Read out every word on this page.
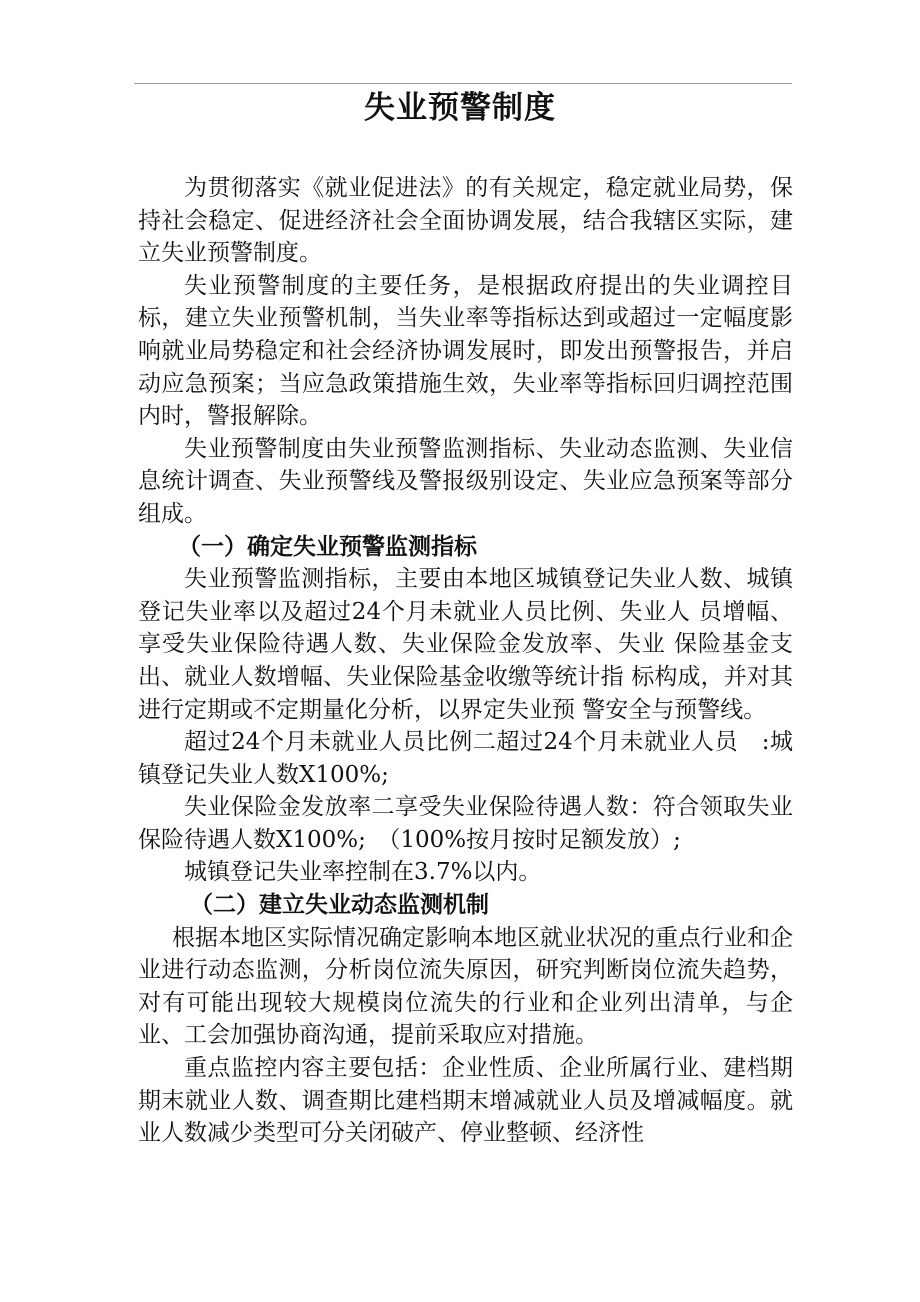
失业预警制度

为贯彻落实《就业促进法》的有关规定，稳定就业局势，保持社会稳定、促进经济社会全面协调发展，结合我辖区实际，建立失业预警制度。

失业预警制度的主要任务，是根据政府提出的失业调控目标，建立失业预警机制，当失业率等指标达到或超过一定幅度影响就业局势稳定和社会经济协调发展时，即发出预警报告，并启动应急预案；当应急政策措施生效，失业率等指标回归调控范围内时，警报解除。

失业预警制度由失业预警监测指标、失业动态监测、失业信息统计调查、失业预警线及警报级别设定、失业应急预案等部分组成。

（一）确定失业预警监测指标

失业预警监测指标，主要由本地区城镇登记失业人数、城镇登记失业率以及超过24个月未就业人员比例、失业人 员增幅、享受失业保险待遇人数、失业保险金发放率、失业 保险基金支出、就业人数增幅、失业保险基金收缴等统计指 标构成，并对其进行定期或不定期量化分析，以界定失业预 警安全与预警线。

超过24个月未就业人员比例二超过24个月未就业人员　:城镇登记失业人数X100%;

失业保险金发放率二享受失业保险待遇人数：符合领取失业保险待遇人数X100%;　（100%按月按时足额发放）;

城镇登记失业率控制在3.7%以内。

（二）建立失业动态监测机制

根据本地区实际情况确定影响本地区就业状况的重点行业和企业进行动态监测，分析岗位流失原因，研究判断岗位流失趋势，对有可能出现较大规模岗位流失的行业和企业列出清单，与企业、工会加强协商沟通，提前采取应对措施。

重点监控内容主要包括：企业性质、企业所属行业、建档期期末就业人数、调查期比建档期末增减就业人员及增减幅度。就业人数减少类型可分关闭破产、停业整顿、经济性
